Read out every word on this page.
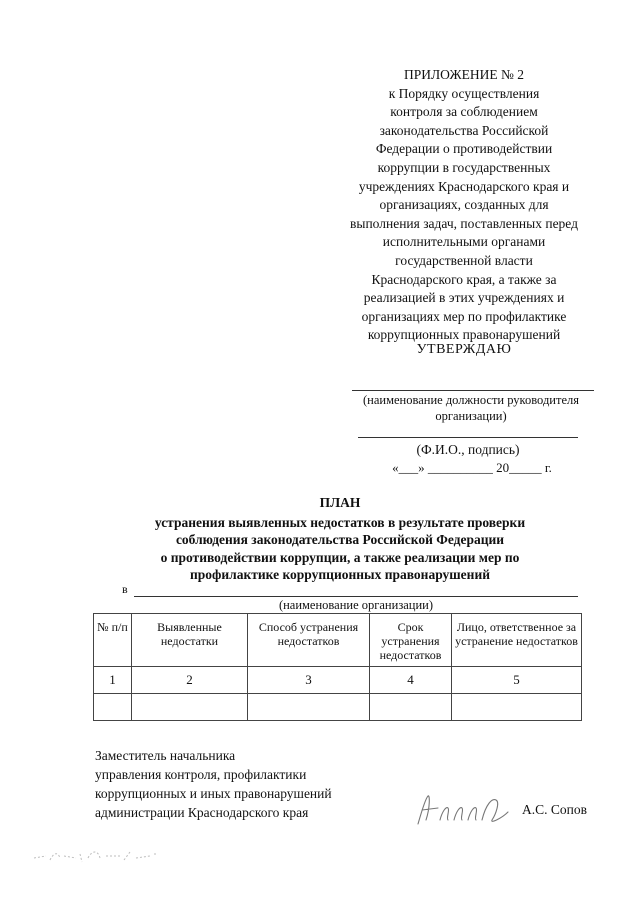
ПРИЛОЖЕНИЕ № 2
к Порядку осуществления
контроля за соблюдением
законодательства Российской
Федерации о противодействии
коррупции в государственных
учреждениях Краснодарского края и
организациях, созданных для
выполнения задач, поставленных перед
исполнительными органами
государственной власти
Краснодарского края, а также за
реализацией в этих учреждениях и
организациях мер по профилактике
коррупционных правонарушений
УТВЕРЖДАЮ
(наименование должности руководителя
организации)
(Ф.И.О., подпись)
«___» __________ 20_____ г.
ПЛАН
устранения выявленных недостатков в результате проверки
соблюдения законодательства Российской Федерации
о противодействии коррупции, а также реализации мер по
профилактике коррупционных правонарушений
в
(наименование организации)
№ п/п	Выявленные недостатки	Способ устранения недостатков	Срок устранения недостатков	Лицо, ответственное за устранение недостатков
1	2	3	4	5

Заместитель начальника
управления контроля, профилактики
коррупционных и иных правонарушений
администрации Краснодарского края	А.С. Сопов
